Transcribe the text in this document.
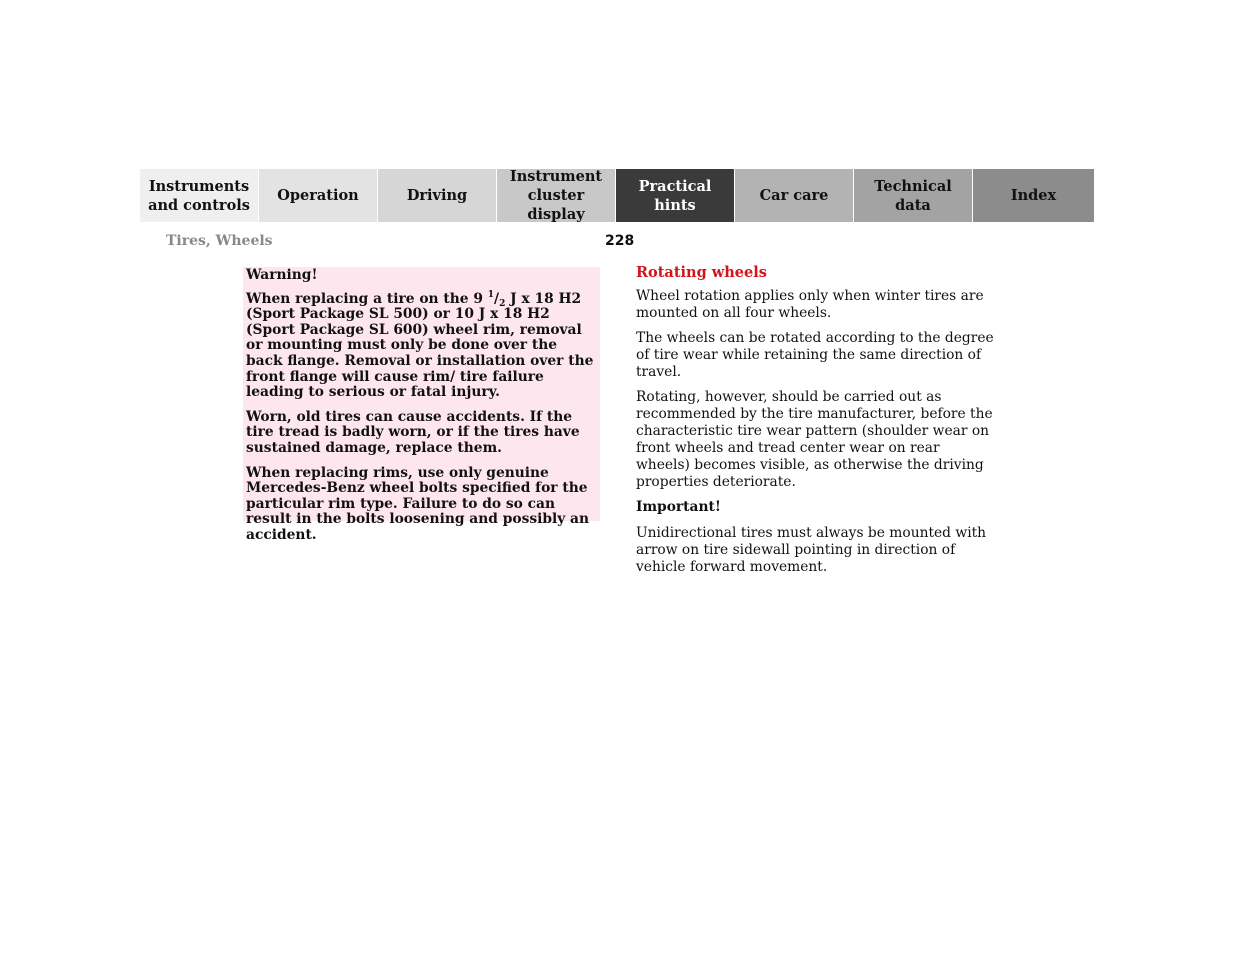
Instruments
and controls
Operation	Driving
Instrument
cluster display
Practical hints
Car care
Technical
data
Index
Tires, Wheels	228

Warning!

When replacing a tire on the 9 $^1/_2$ J x 18 H2 (Sport Package SL 500) or 10 J x 18 H2 (Sport Package SL 600) wheel rim, removal or mounting must only be done over the back flange. Removal or installation over the front flange will cause rim/ tire failure leading to serious or fatal injury.

Worn, old tires can cause accidents. If the tire tread is badly worn, or if the tires have sustained damage, replace them.

When replacing rims, use only genuine Mercedes-Benz wheel bolts specified for the particular rim type. Failure to do so can result in the bolts loosening and possibly an accident.

Rotating wheels

Wheel rotation applies only when winter tires are mounted on all four wheels.

The wheels can be rotated according to the degree of tire wear while retaining the same direction of travel.

Rotating, however, should be carried out as recommended by the tire manufacturer, before the characteristic tire wear pattern (shoulder wear on front wheels and tread center wear on rear wheels) becomes visible, as otherwise the driving properties deteriorate.

Important!

Unidirectional tires must always be mounted with arrow on tire sidewall pointing in direction of vehicle forward movement.
